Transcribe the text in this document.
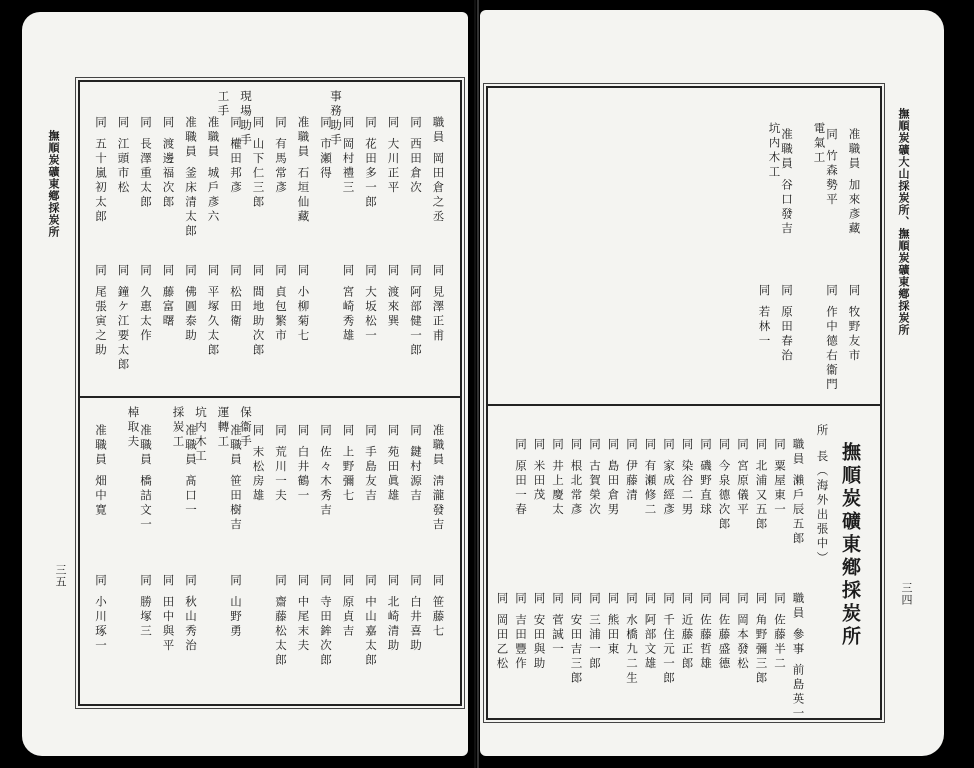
撫順炭礦東鄕採炭所
三五
職員 岡田倉之丞
同 見澤正甫
同 西田倉次
同 阿部健一郎
同 大川正平
同 渡來巽
同 花田多一郎
同 大坂松一
同 岡村禮三
同 宮崎秀雄
事務助手
同 市瀬得
准職員 石垣仙藏
同 小柳菊七
同 有馬常彥
同 貞包繁市
同 山下仁三郎
同 間地助次郎
現場助手
同 權田邦彥
同 松田衛
工手
准職員 城戶彥六
同 平塚久太郎
准職員 釜床清太郎
同 佛圓泰助
同 渡邊福次郎
同 藤富曙
同 長澤重太郎
同 久惠太作
同 江頭市松
同 鐘ケ江要太郎
同 五十嵐初太郎
同 尾張寅之助
准職員 淸瀧發吉
同 笹藤七
同 鍵村源吉
同 白井喜助
同 苑田眞雄
同 北崎清助
同 手島友吉
同 中山嘉太郎
同 上野彌七
同 原貞吉
同 佐々木秀吉
同 寺田鉾次郎
同 白井鶴一
同 中尾末夫
同 荒川一夫
同 齋藤松太郎
同 末松房雄
保衞手
准職員 笹田樹吉
同 山野勇
運轉工
坑内木工
准職員 髙口一
同 秋山秀治
採炭工
同 田中與平
准職員 橋詰文一
同 勝塚三
棹取夫
准職員 畑中寛
同 小川琢一
撫順炭礦大山採炭所、撫順炭礦東鄕採炭所
三四
撫順炭礦東鄕採炭所
所
長（海外出張中）
准職員 加來彥藏
同 牧野友市
同 竹森勢平
同 作中德右衞門
電氣工
准職員 谷口發吉
同 原田春治
坑内木工
同 若林一
職員 瀨戶辰五郎
職員 參事 前島英一
同 粟屋東一
同 佐藤半二
同 北浦又五郎
同 角野彌三郎
同 宮原儀平
同 岡本發松
同 今泉德次郎
同 佐藤盛德
同 磯野直球
同 佐藤哲雄
同 染谷二男
同 近藤正郎
同 家成經彥
同 千住元一郎
同 有瀬修二
同 阿部文雄
同 伊藤清
同 水橋九二生
同 島田倉男
同 熊田東
同 古賀榮次
同 三浦一郎
同 根北常彥
同 安田吉三郎
同 井上慶太
同 菅誠一
同 米田茂
同 安田與助
同 原田一春
同 吉田豐作
同 岡田乙松
